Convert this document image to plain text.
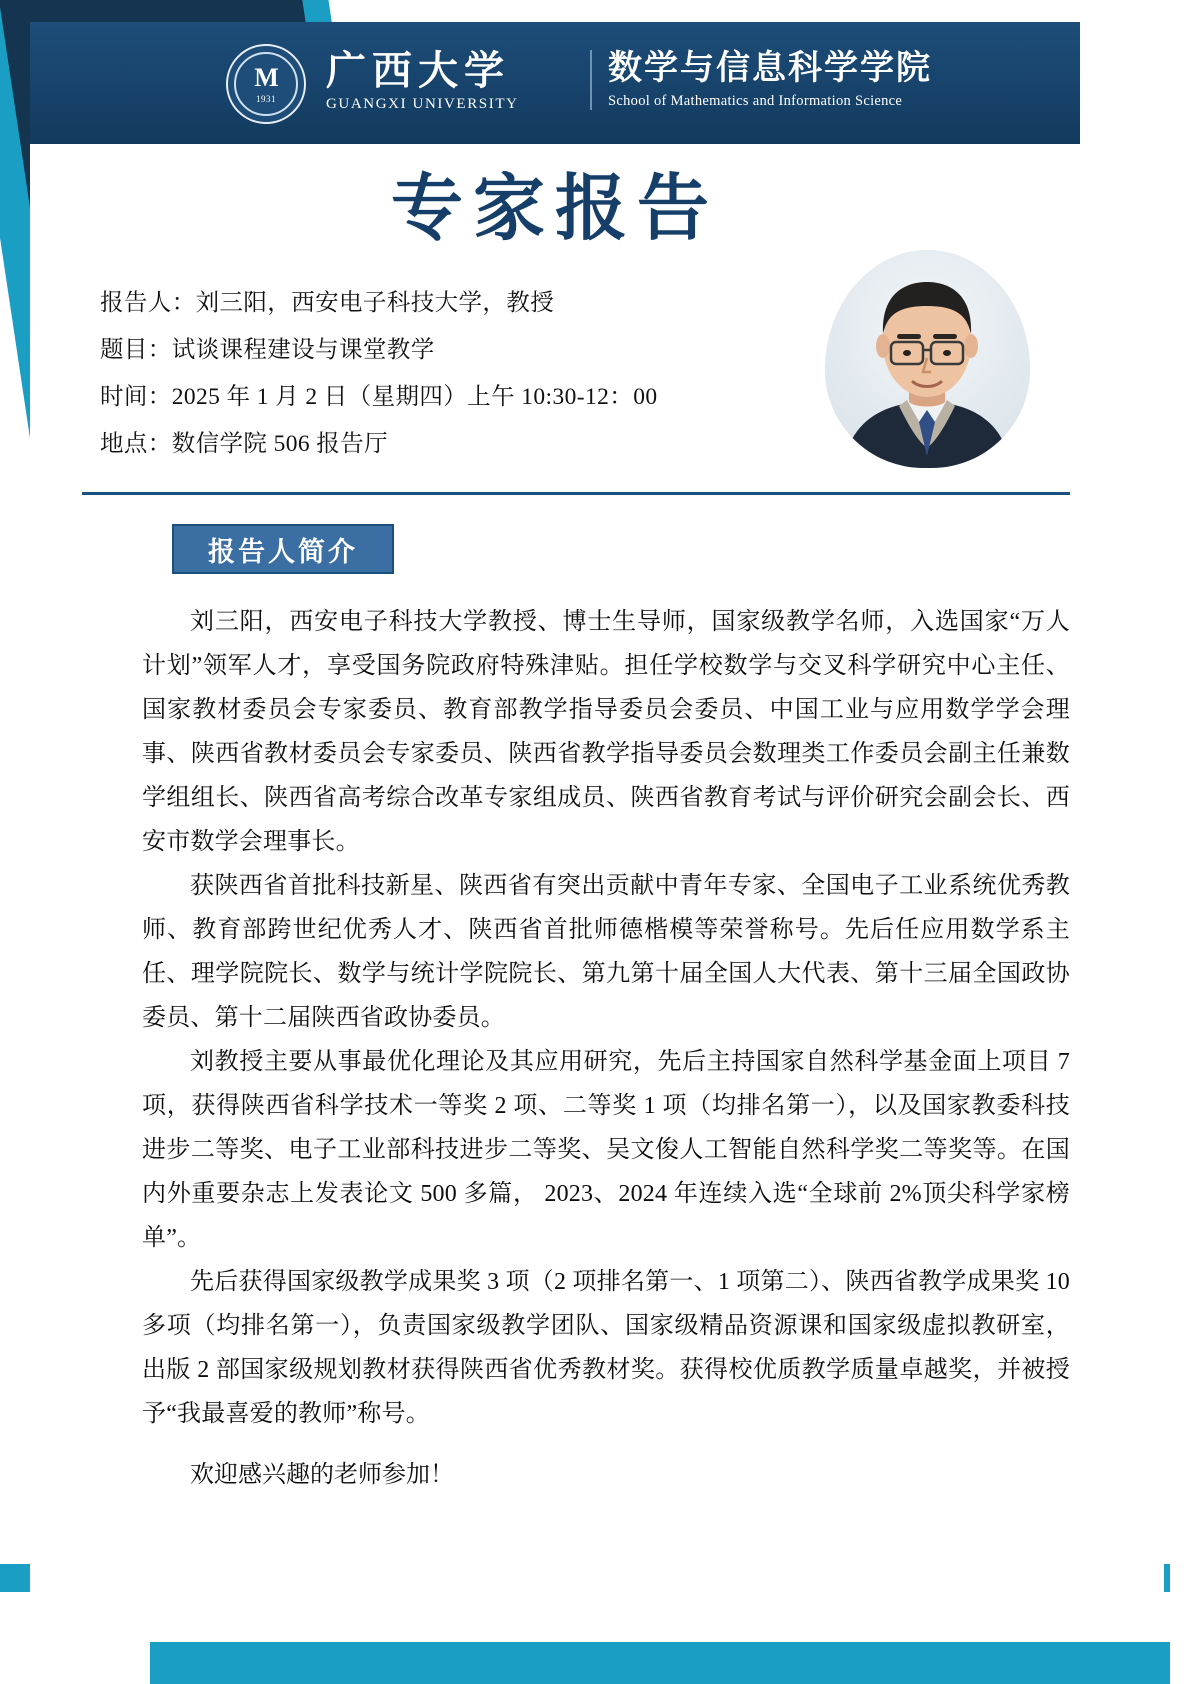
M
1931
广西大学
GUANGXI UNIVERSITY
数学与信息科学学院
School of Mathematics and Information Science
专家报告
报告人：刘三阳，西安电子科技大学，教授
题目：试谈课程建设与课堂教学
时间：2025 年 1 月 2 日（星期四）上午 10:30-12：00
地点：数信学院 506 报告厅
报告人简介

刘三阳，西安电子科技大学教授、博士生导师，国家级教学名师，入选国家“万人计划”领军人才，享受国务院政府特殊津贴。担任学校数学与交叉科学研究中心主任、国家教材委员会专家委员、教育部教学指导委员会委员、中国工业与应用数学学会理事、陕西省教材委员会专家委员、陕西省教学指导委员会数理类工作委员会副主任兼数学组组长、陕西省高考综合改革专家组成员、陕西省教育考试与评价研究会副会长、西安市数学会理事长。

获陕西省首批科技新星、陕西省有突出贡献中青年专家、全国电子工业系统优秀教师、教育部跨世纪优秀人才、陕西省首批师德楷模等荣誉称号。先后任应用数学系主任、理学院院长、数学与统计学院院长、第九第十届全国人大代表、第十三届全国政协委员、第十二届陕西省政协委员。

刘教授主要从事最优化理论及其应用研究，先后主持国家自然科学基金面上项目 7 项，获得陕西省科学技术一等奖 2 项、二等奖 1 项（均排名第一），以及国家教委科技进步二等奖、电子工业部科技进步二等奖、吴文俊人工智能自然科学奖二等奖等。在国内外重要杂志上发表论文 500 多篇， 2023、2024 年连续入选“全球前 2%顶尖科学家榜单”。

先后获得国家级教学成果奖 3 项（2 项排名第一、1 项第二）、陕西省教学成果奖 10 多项（均排名第一），负责国家级教学团队、国家级精品资源课和国家级虚拟教研室，出版 2 部国家级规划教材获得陕西省优秀教材奖。获得校优质教学质量卓越奖，并被授予“我最喜爱的教师”称号。

欢迎感兴趣的老师参加！
